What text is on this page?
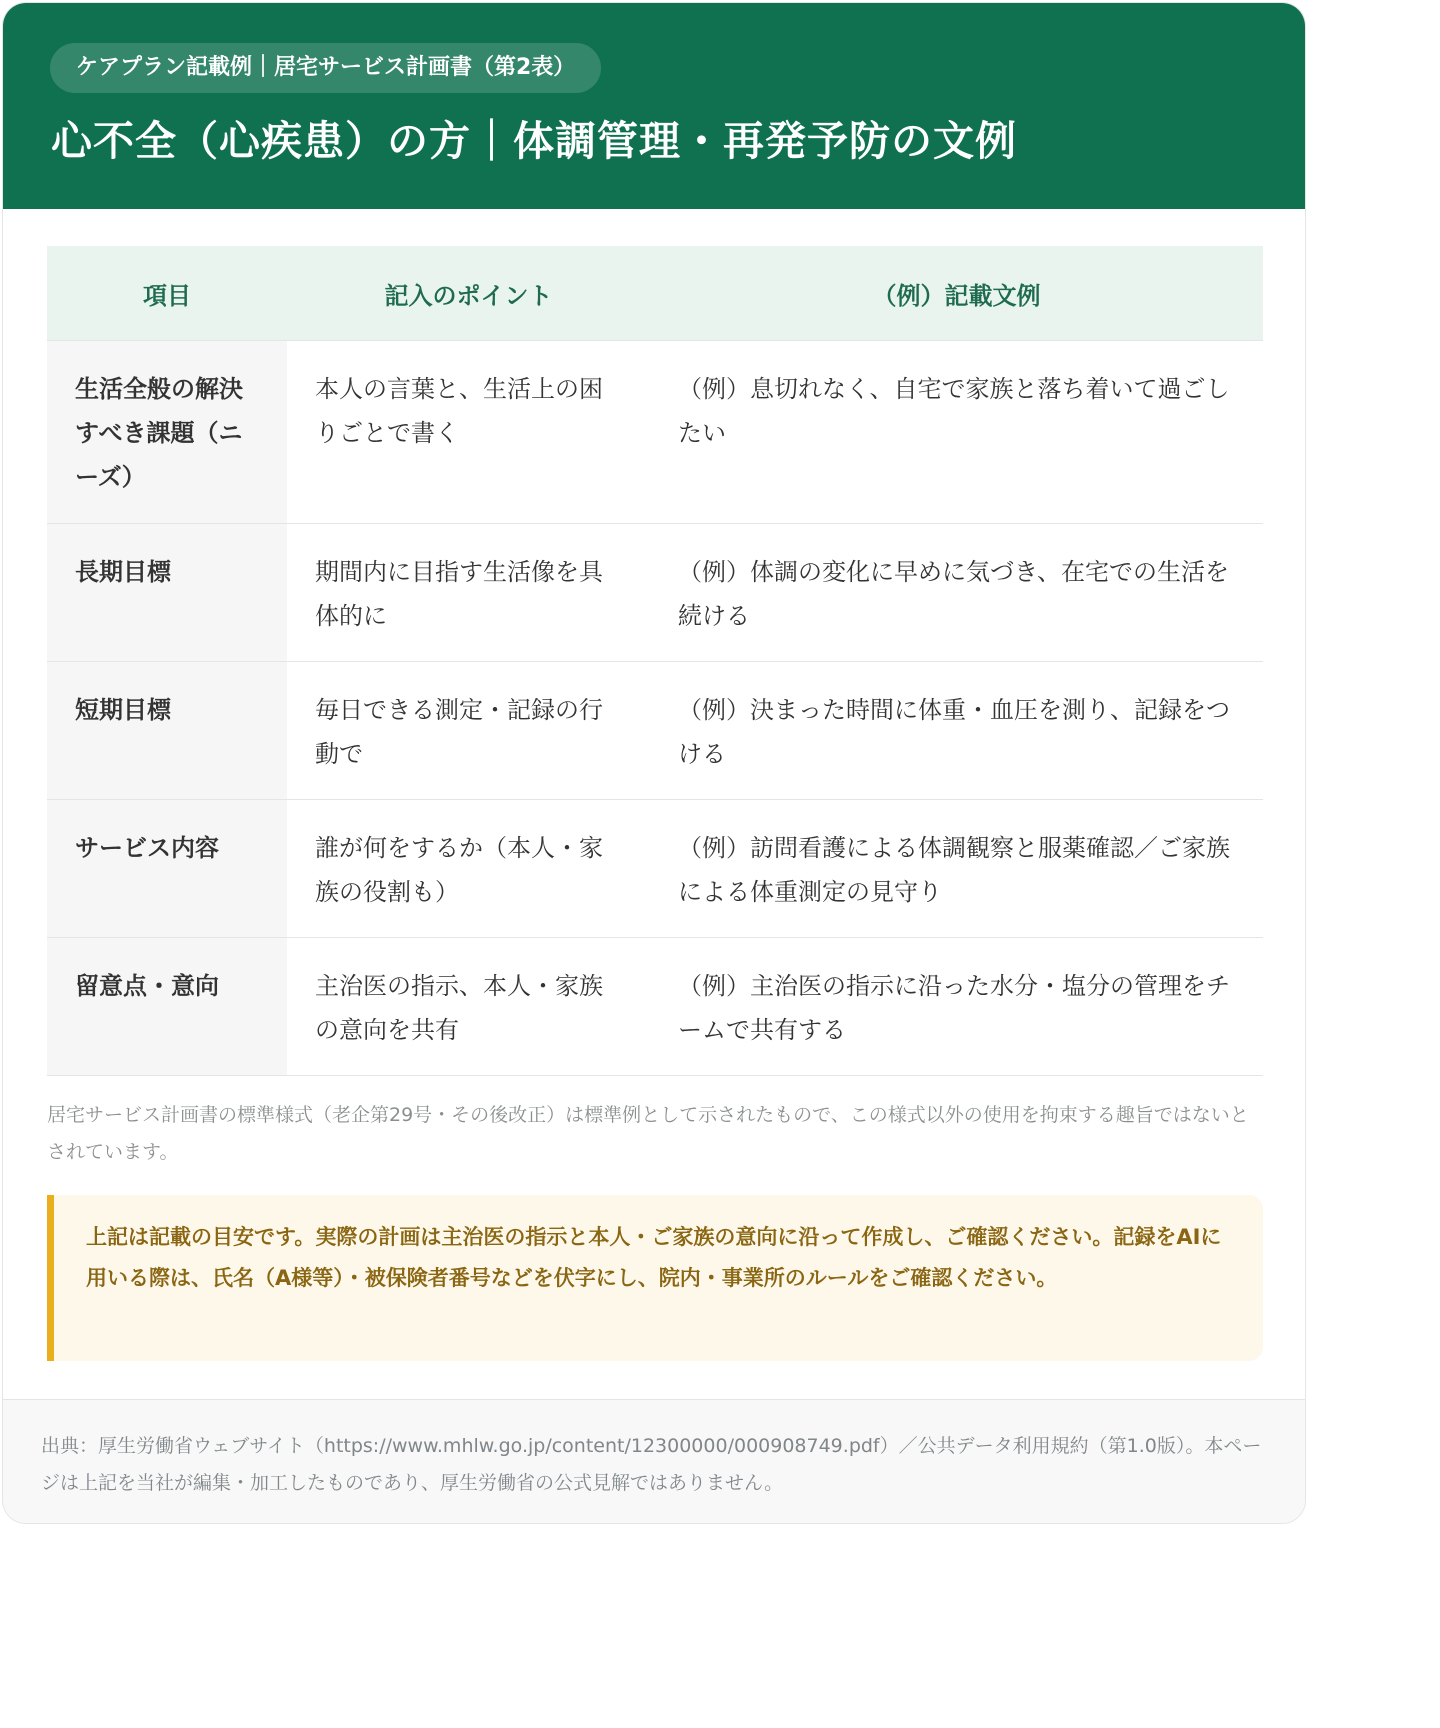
ケアプラン記載例｜居宅サービス計画書（第2表）
心不全（心疾患）の方｜体調管理・再発予防の文例
項目	記入のポイント	（例）記載文例
生活全般の解決すべき課題（ニーズ）	本人の言葉と、生活上の困りごとで書く	（例）息切れなく、自宅で家族と落ち着いて過ごしたい
長期目標	期間内に目指す生活像を具体的に	（例）体調の変化に早めに気づき、在宅での生活を続ける
短期目標	毎日できる測定・記録の行動で	（例）決まった時間に体重・血圧を測り、記録をつける
サービス内容	誰が何をするか（本人・家族の役割も）	（例）訪問看護による体調観察と服薬確認／ご家族による体重測定の見守り
留意点・意向	主治医の指示、本人・家族の意向を共有	（例）主治医の指示に沿った水分・塩分の管理をチームで共有する

居宅サービス計画書の標準様式（老企第29号・その後改正）は標準例として示されたもので、この様式以外の使用を拘束する趣旨ではないとされています。

上記は記載の目安です。実際の計画は主治医の指示と本人・ご家族の意向に沿って作成し、ご確認ください。記録をAIに用いる際は、氏名（A様等）・被保険者番号などを伏字にし、院内・事業所のルールをご確認ください。
出典：厚生労働省ウェブサイト（https://www.mhlw.go.jp/content/12300000/000908749.pdf）／公共データ利用規約（第1.0版）。本ページは上記を当社が編集・加工したものであり、厚生労働省の公式見解ではありません。
